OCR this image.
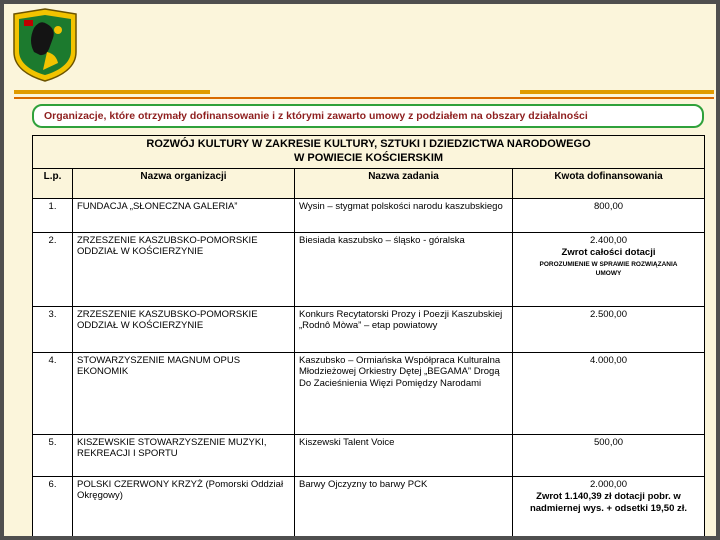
Organizacje, które otrzymały dofinansowanie i z którymi zawarto umowy z podziałem na obszary działalności
ROZWÓJ KULTURY W ZAKRESIE KULTURY, SZTUKI I DZIEDZICTWA NARODOWEGO
W POWIECIE KOŚCIERSKIM			

L.p.	Nazwa organizacji	Nazwa zadania	Kwota dofinansowania
1.	FUNDACJA „SŁONECZNA GALERIA”	Wysin – stygmat polskości narodu kaszubskiego	800,00

2.	ZRZESZENIE KASZUBSKO-POMORSKIE ODDZIAŁ W KOŚCIERZYNIE	Biesiada kaszubsko – śląsko - góralska	2.400,00
Zwrot całości dotacji
POROZUMIENIE W SPRAWIE ROZWIĄZANIA UMOWY

3.	ZRZESZENIE KASZUBSKO-POMORSKIE ODDZIAŁ W KOŚCIERZYNIE	Konkurs Recytatorski Prozy i Poezji Kaszubskiej „Rodnô Mòwa” – etap powiatowy	2.500,00

4.	STOWARZYSZENIE MAGNUM OPUS EKONOMIK	Kaszubsko – Ormiańska Współpraca Kulturalna Młodzieżowej Orkiestry Dętej „BEGAMA” Drogą Do Zacieśnienia Więzi Pomiędzy Narodami	4.000,00

5.	KISZEWSKIE STOWARZYSZENIE MUZYKI, REKREACJI I SPORTU	Kiszewski Talent Voice	500,00

6.	POLSKI CZERWONY KRZYŻ (Pomorski Oddział Okręgowy)	Barwy Ojczyzny to barwy PCK	2.000,00
Zwrot 1.140,39 zł dotacji pobr. w nadmiernej wys. + odsetki 19,50 zł.
